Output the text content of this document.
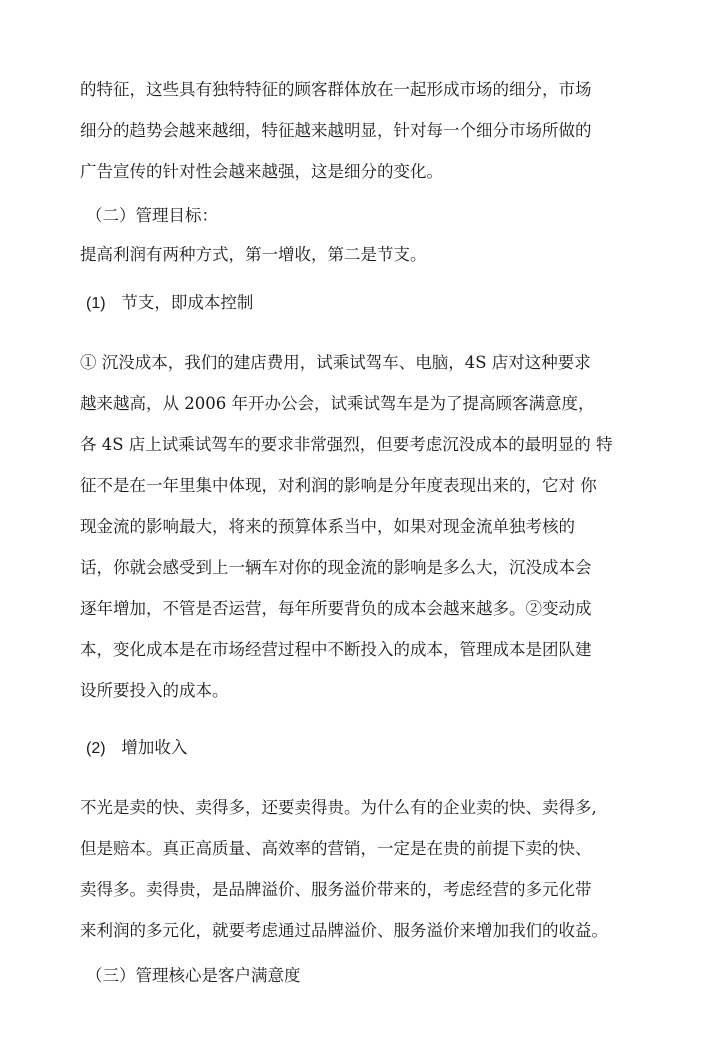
的特征，这些具有独特特征的顾客群体放在一起形成市场的细分，市场

细分的趋势会越来越细，特征越来越明显，针对每一个细分市场所做的

广告宣传的针对性会越来越强，这是细分的变化。

（二）管理目标：

提高利润有两种方式，第一增收，第二是节支。

(1) 节支，即成本控制

① 沉没成本，我们的建店费用，试乘试驾车、电脑，4S 店对这种要求

越来越高，从 2006 年开办公会，试乘试驾车是为了提高顾客满意度，

各 4S 店上试乘试驾车的要求非常强烈，但要考虑沉没成本的最明显的 特

征不是在一年里集中体现，对利润的影响是分年度表现出来的，它对 你

现金流的影响最大，将来的预算体系当中，如果对现金流单独考核的

话，你就会感受到上一辆车对你的现金流的影响是多么大，沉没成本会

逐年增加，不管是否运营，每年所要背负的成本会越来越多。②变动成

本，变化成本是在市场经营过程中不断投入的成本，管理成本是团队建

设所要投入的成本。

(2) 增加收入

不光是卖的快、卖得多，还要卖得贵。为什么有的企业卖的快、卖得多,

但是赔本。真正高质量、高效率的营销，一定是在贵的前提下卖的快、

卖得多。卖得贵，是品牌溢价、服务溢价带来的，考虑经营的多元化带

来利润的多元化，就要考虑通过品牌溢价、服务溢价来增加我们的收益。

（三）管理核心是客户满意度
